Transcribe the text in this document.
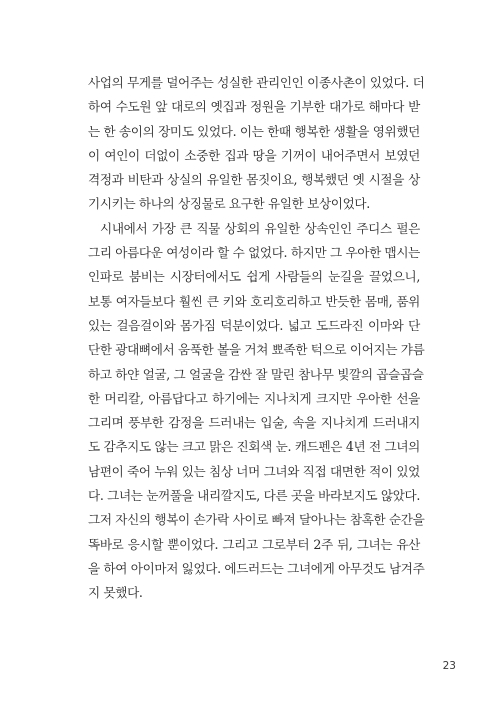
사업의 무게를 덜어주는 성실한 관리인인 이종사촌이 있었다. 더
하여 수도원 앞 대로의 옛집과 정원을 기부한 대가로 해마다 받
는 한 송이의 장미도 있었다. 이는 한때 행복한 생활을 영위했던
이 여인이 더없이 소중한 집과 땅을 기꺼이 내어주면서 보였던
격정과 비탄과 상실의 유일한 몸짓이요, 행복했던 옛 시절을 상
기시키는 하나의 상징물로 요구한 유일한 보상이었다.
시내에서 가장 큰 직물 상회의 유일한 상속인인 주디스 펄은
그리 아름다운 여성이라 할 수 없었다. 하지만 그 우아한 맵시는
인파로 붐비는 시장터에서도 쉽게 사람들의 눈길을 끌었으니,
보통 여자들보다 훨씬 큰 키와 호리호리하고 반듯한 몸매, 품위
있는 걸음걸이와 몸가짐 덕분이었다. 넓고 도드라진 이마와 단
단한 광대뼈에서 움푹한 볼을 거쳐 뾰족한 턱으로 이어지는 갸름
하고 하얀 얼굴, 그 얼굴을 감싼 잘 말린 참나무 빛깔의 곱슬곱슬
한 머리칼, 아름답다고 하기에는 지나치게 크지만 우아한 선을
그리며 풍부한 감정을 드러내는 입술, 속을 지나치게 드러내지
도 감추지도 않는 크고 맑은 진회색 눈. 캐드펜은 4년 전 그녀의
남편이 죽어 누워 있는 침상 너머 그녀와 직접 대면한 적이 있었
다. 그녀는 눈꺼풀을 내리깔지도, 다른 곳을 바라보지도 않았다.
그저 자신의 행복이 손가락 사이로 빠져 달아나는 참혹한 순간을
똑바로 응시할 뿐이었다. 그리고 그로부터 2주 뒤, 그녀는 유산
을 하여 아이마저 잃었다. 에드러드는 그녀에게 아무것도 남겨주
지 못했다.
23
